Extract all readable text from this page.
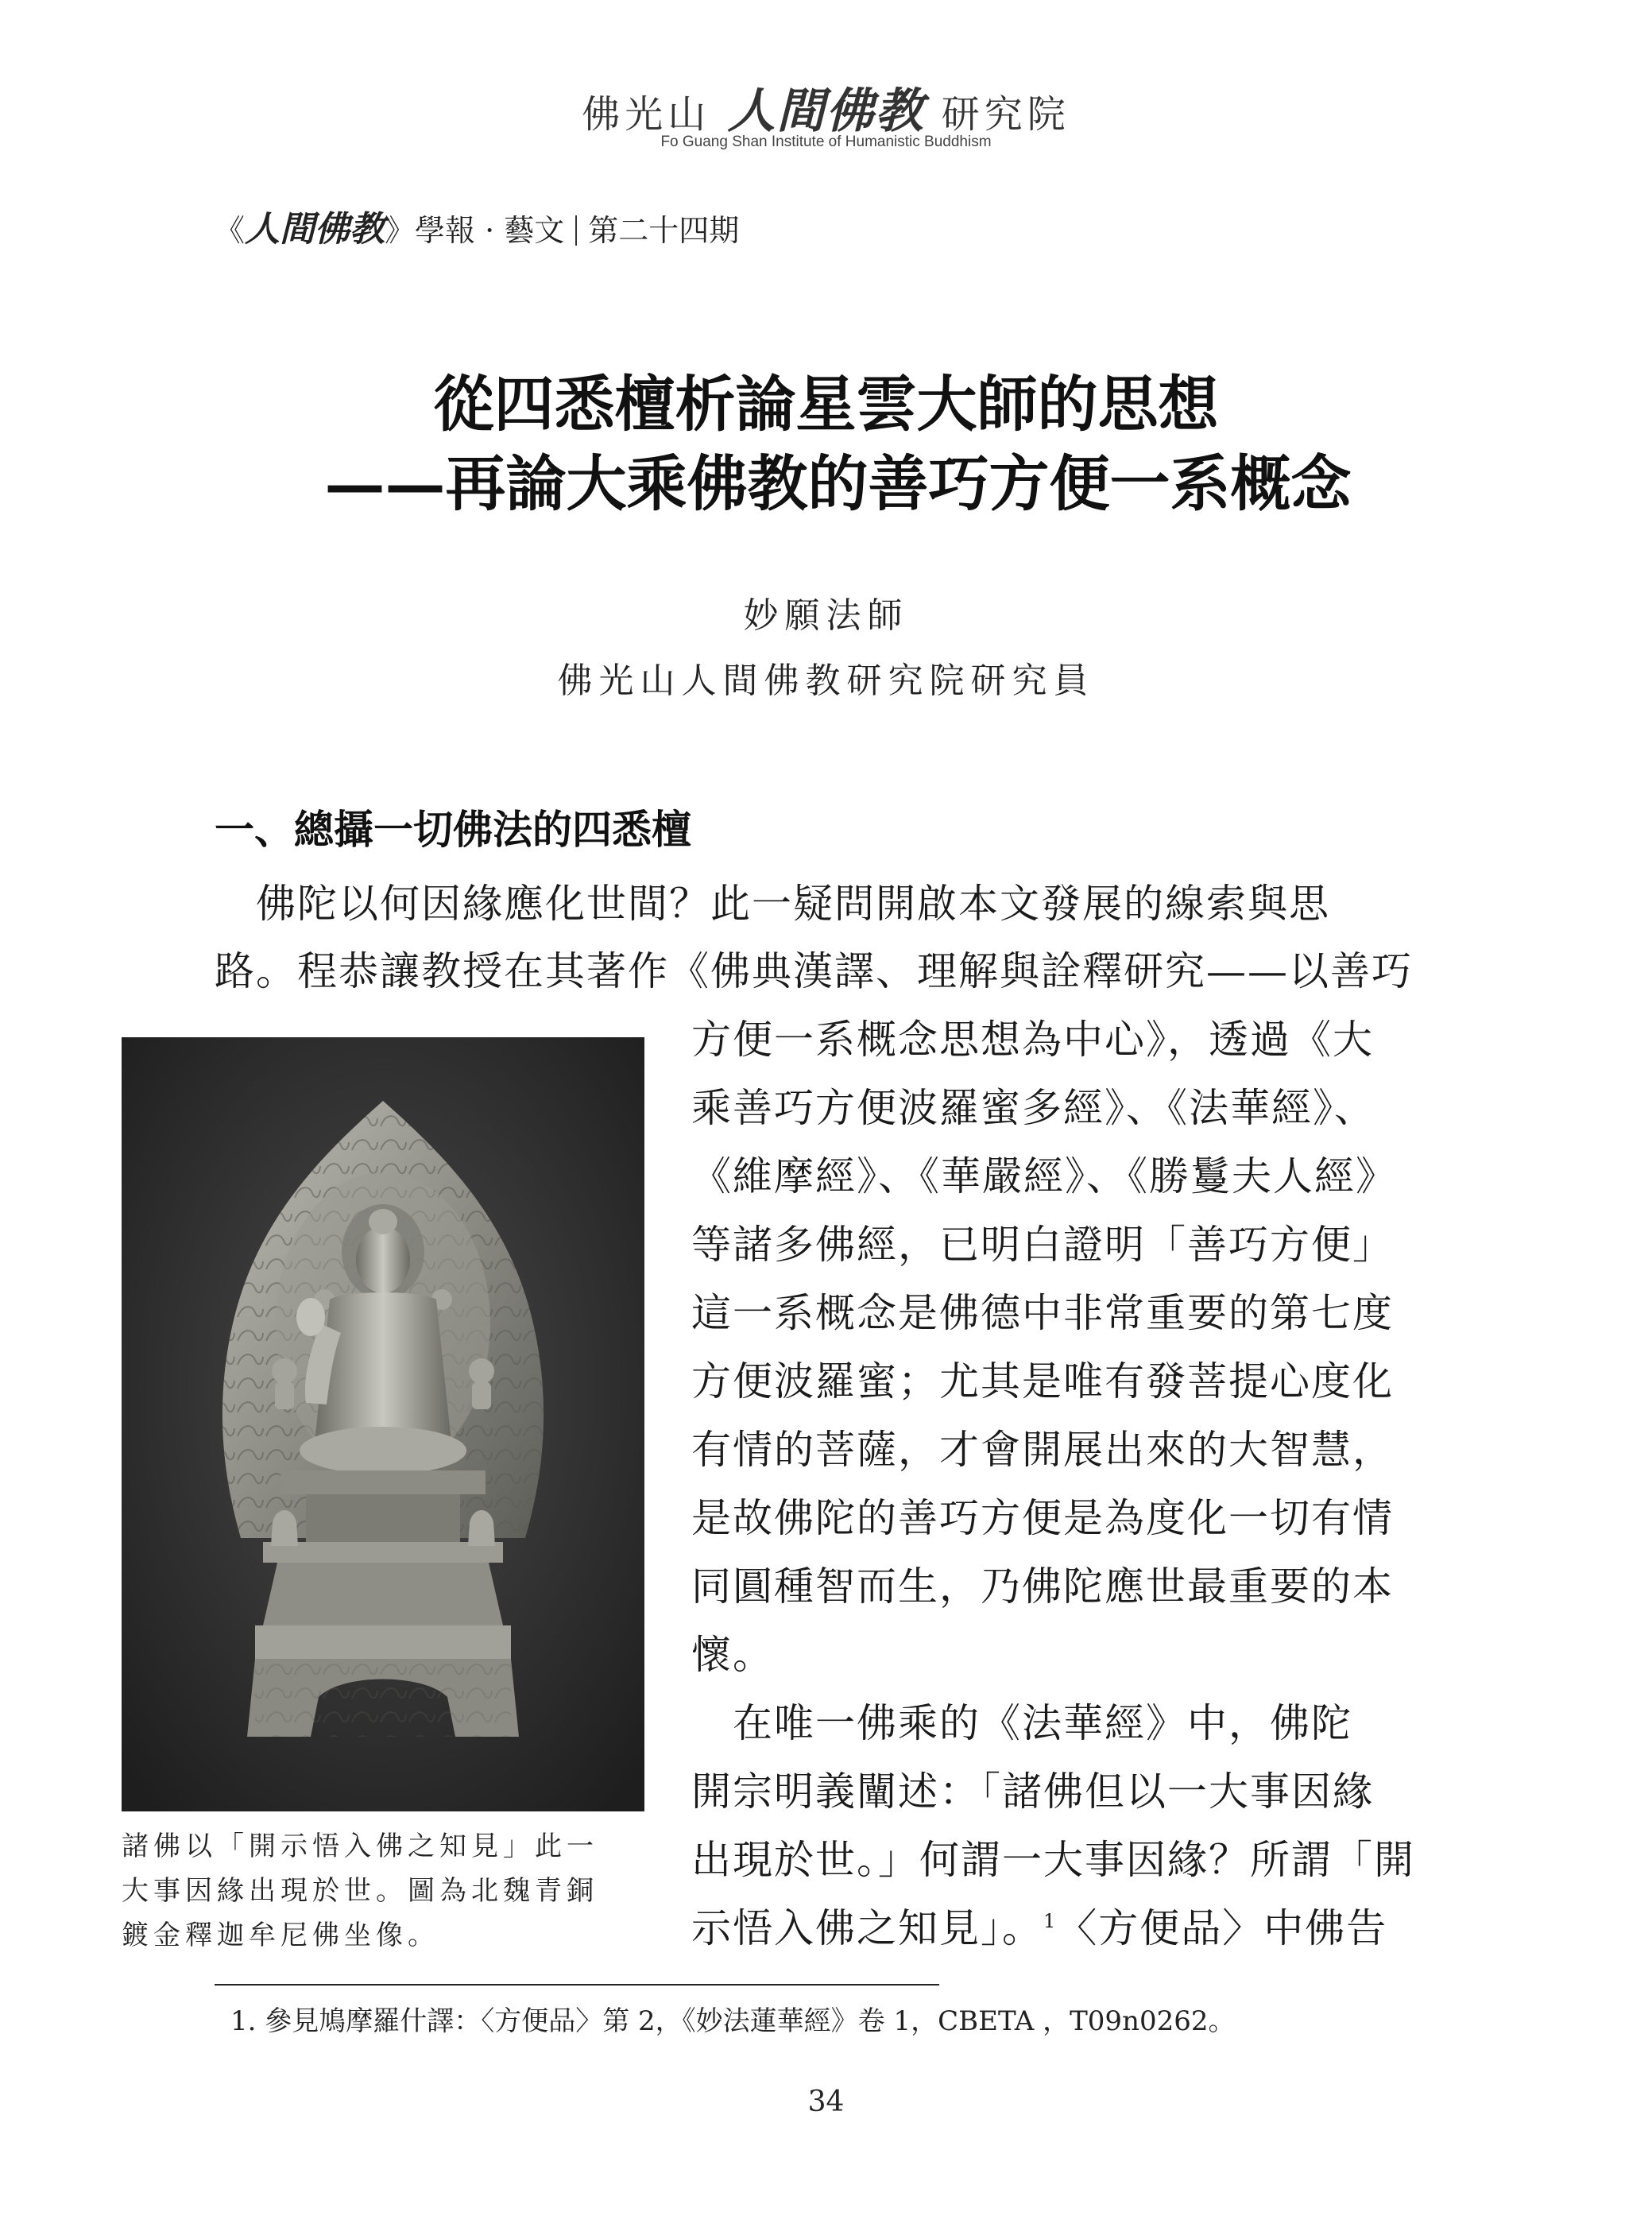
佛光山 人間佛教 研究院
Fo Guang Shan Institute of Humanistic Buddhism
《人間佛教》學報 · 藝文 第二十四期
從四悉檀析論星雲大師的思想
——再論大乘佛教的善巧方便一系概念
妙願法師
佛光山人間佛教研究院研究員
一、總攝一切佛法的四悉檀
　佛陀以何因緣應化世間？此一疑問開啟本文發展的線索與思
路。程恭讓教授在其著作《佛典漢譯、理解與詮釋研究——以善巧
方便一系概念思想為中心》，透過《大
乘善巧方便波羅蜜多經》、《法華經》、
《維摩經》、《華嚴經》、《勝鬘夫人經》
等諸多佛經，已明白證明「善巧方便」
這一系概念是佛德中非常重要的第七度
方便波羅蜜；尤其是唯有發菩提心度化
有情的菩薩，才會開展出來的大智慧，
是故佛陀的善巧方便是為度化一切有情
同圓種智而生，乃佛陀應世最重要的本
懷。
　在唯一佛乘的《法華經》中，佛陀
開宗明義闡述：「諸佛但以一大事因緣
出現於世。」何謂一大事因緣？所謂「開
示悟入佛之知見」。$^1$〈方便品〉中佛告
諸佛以「開示悟入佛之知見」此一
大事因緣出現於世。圖為北魏青銅
鍍金釋迦牟尼佛坐像。
1. 參見鳩摩羅什譯：〈方便品〉第 2，《妙法蓮華經》卷 1，CBETA ，T09n0262。
34
